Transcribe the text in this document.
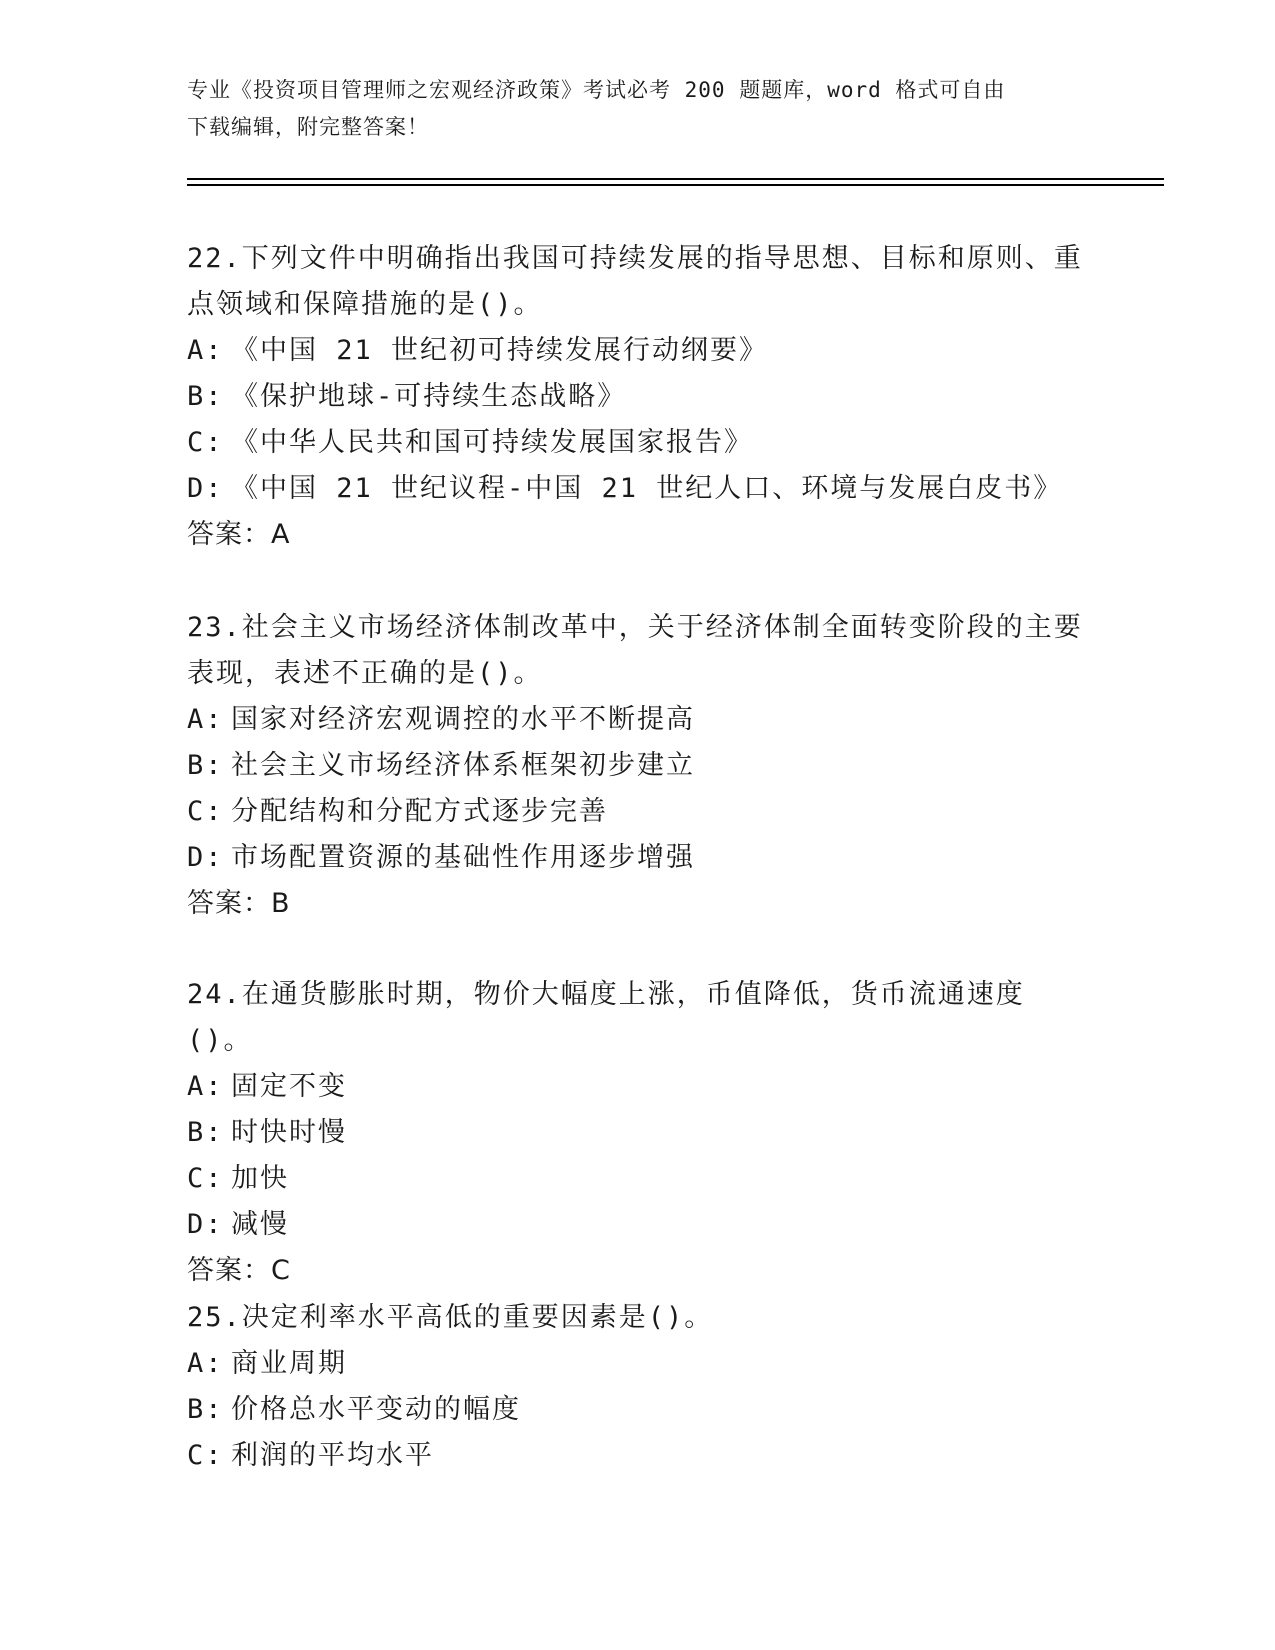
专业《投资项目管理师之宏观经济政策》考试必考 200 题题库，word 格式可自由
下载编辑，附完整答案！
22.下列文件中明确指出我国可持续发展的指导思想、目标和原则、重
点领域和保障措施的是()。
A: 《中国 21 世纪初可持续发展行动纲要》
B: 《保护地球-可持续生态战略》
C: 《中华人民共和国可持续发展国家报告》
D: 《中国 21 世纪议程-中国 21 世纪人口、环境与发展白皮书》
答案：A
23.社会主义市场经济体制改革中，关于经济体制全面转变阶段的主要
表现，表述不正确的是()。
A: 国家对经济宏观调控的水平不断提高
B: 社会主义市场经济体系框架初步建立
C: 分配结构和分配方式逐步完善
D: 市场配置资源的基础性作用逐步增强
答案：B
24.在通货膨胀时期，物价大幅度上涨，币值降低，货币流通速度()。
A: 固定不变
B: 时快时慢
C: 加快
D: 减慢
答案：C
25.决定利率水平高低的重要因素是()。
A: 商业周期
B: 价格总水平变动的幅度
C: 利润的平均水平
